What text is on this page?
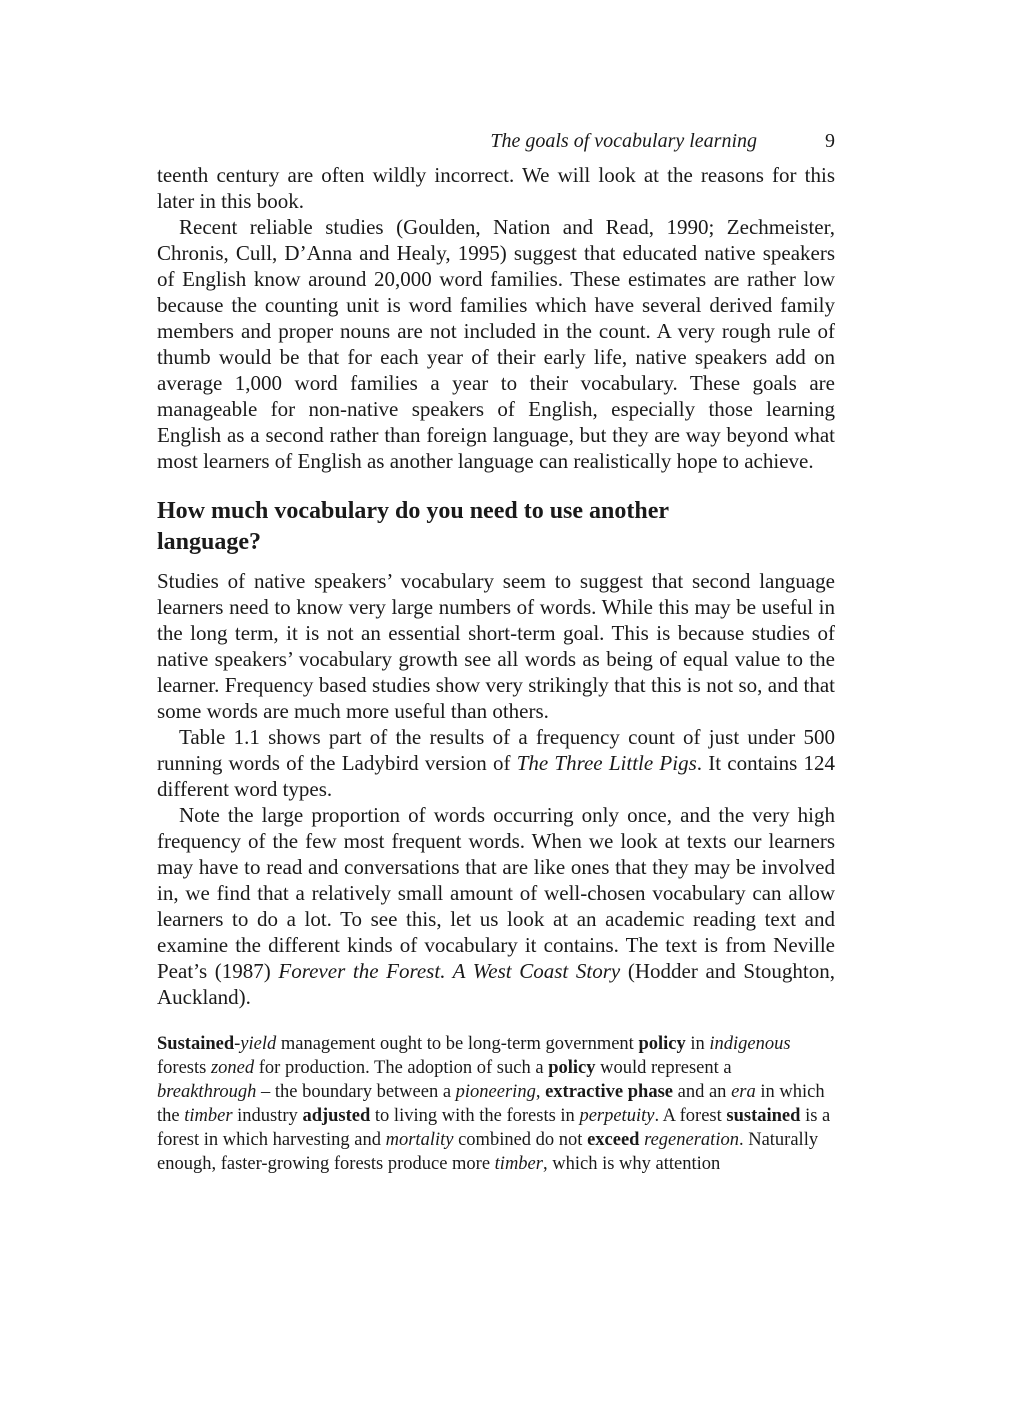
The goals of vocabulary learning	9

teenth century are often wildly incorrect. We will look at the reasons for this later in this book.

Recent reliable studies (Goulden, Nation and Read, 1990; Zechmeister, Chronis, Cull, D’Anna and Healy, 1995) suggest that educated native speakers of English know around 20,000 word families. These estimates are rather low because the counting unit is word families which have several derived family members and proper nouns are not included in the count. A very rough rule of thumb would be that for each year of their early life, native speakers add on average 1,000 word families a year to their vocabulary. These goals are manageable for non-native speakers of English, especially those learning English as a second rather than foreign language, but they are way beyond what most learners of English as another language can realistically hope to achieve.

How much vocabulary do you need to use another language?

Studies of native speakers’ vocabulary seem to suggest that second language learners need to know very large numbers of words. While this may be useful in the long term, it is not an essential short-term goal. This is because studies of native speakers’ vocabulary growth see all words as being of equal value to the learner. Frequency based studies show very strikingly that this is not so, and that some words are much more useful than others.

Table 1.1 shows part of the results of a frequency count of just under 500 running words of the Ladybird version of The Three Little Pigs. It contains 124 different word types.

Note the large proportion of words occurring only once, and the very high frequency of the few most frequent words. When we look at texts our learners may have to read and conversations that are like ones that they may be involved in, we find that a relatively small amount of well-chosen vocabulary can allow learners to do a lot. To see this, let us look at an academic reading text and examine the different kinds of vocabulary it contains. The text is from Neville Peat’s (1987) Forever the Forest. A West Coast Story (Hodder and Stoughton, Auckland).

Sustained-yield management ought to be long-term government policy in indigenous forests zoned for production. The adoption of such a policy would represent a breakthrough – the boundary between a pioneering, extractive phase and an era in which the timber industry adjusted to living with the forests in perpetuity. A forest sustained is a forest in which harvesting and mortality combined do not exceed regeneration. Naturally enough, faster-growing forests produce more timber, which is why attention
